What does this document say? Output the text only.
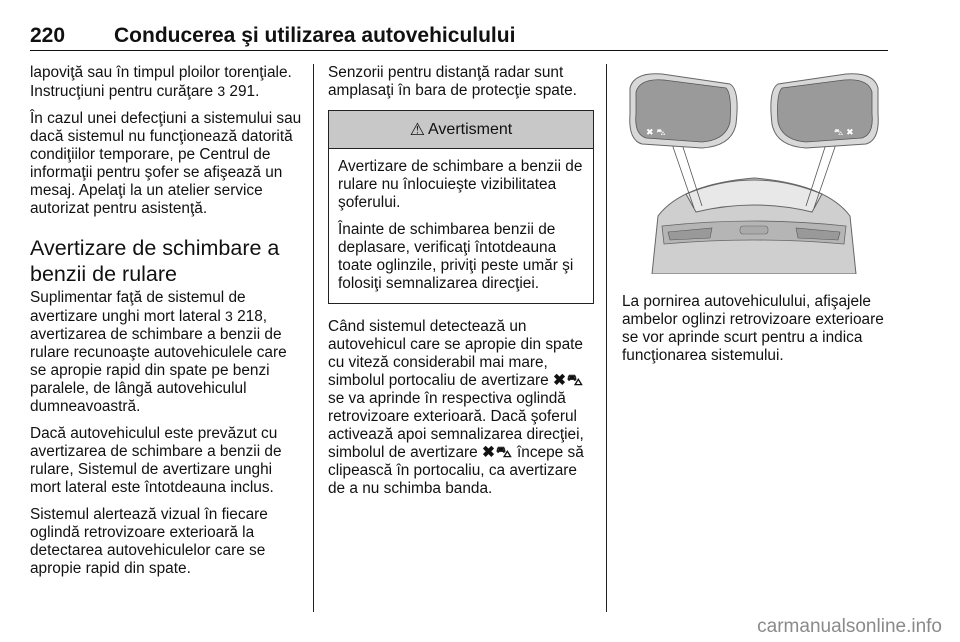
220 Conducerea şi utilizarea autovehiculului

lapoviţă sau în timpul ploilor torenţiale. Instrucţiuni pentru curăţare 3 291.

În cazul unei defecţiuni a sistemului sau dacă sistemul nu funcţionează datorită condiţiilor temporare, pe Centrul de informaţii pentru şofer se afişează un mesaj. Apelaţi la un atelier service autorizat pentru asistenţă.

Avertizare de schimbare a benzii de rulare

Suplimentar faţă de sistemul de avertizare unghi mort lateral 3 218, avertizarea de schimbare a benzii de rulare recunoaşte autovehiculele care se apropie rapid din spate pe benzi paralele, de lângă autovehiculul dumneavoastră.

Dacă autovehiculul este prevăzut cu avertizarea de schimbare a benzii de rulare, Sistemul de avertizare unghi mort lateral este întotdeauna inclus.

Sistemul alertează vizual în fiecare oglindă retrovizoare exterioară la detectarea autovehiculelor care se apropie rapid din spate.

Senzorii pentru distanţă radar sunt amplasaţi în bara de protecţie spate.

⚠ Avertisment

Avertizare de schimbare a benzii de rulare nu înlocuieşte vizibilitatea şoferului.

Înainte de schimbarea benzii de deplasare, verificaţi întotdeauna toate oglinzile, priviţi peste umăr şi folosiţi semnalizarea direcţiei.

Când sistemul detectează un autovehicul care se apropie din spate cu viteză considerabil mai mare, simbolul portocaliu de avertizare ✖⛍ se va aprinde în respectiva oglindă retrovizoare exterioară. Dacă şoferul activează apoi semnalizarea direcţiei, simbolul de avertizare ✖⛍ începe să clipească în portocaliu, ca avertizare de a nu schimba banda.

✖ ⛍	⛍ ✖

La pornirea autovehiculului, afişajele ambelor oglinzi retrovizoare exterioare se vor aprinde scurt pentru a indica funcţionarea sistemului.

carmanualsonline.info
